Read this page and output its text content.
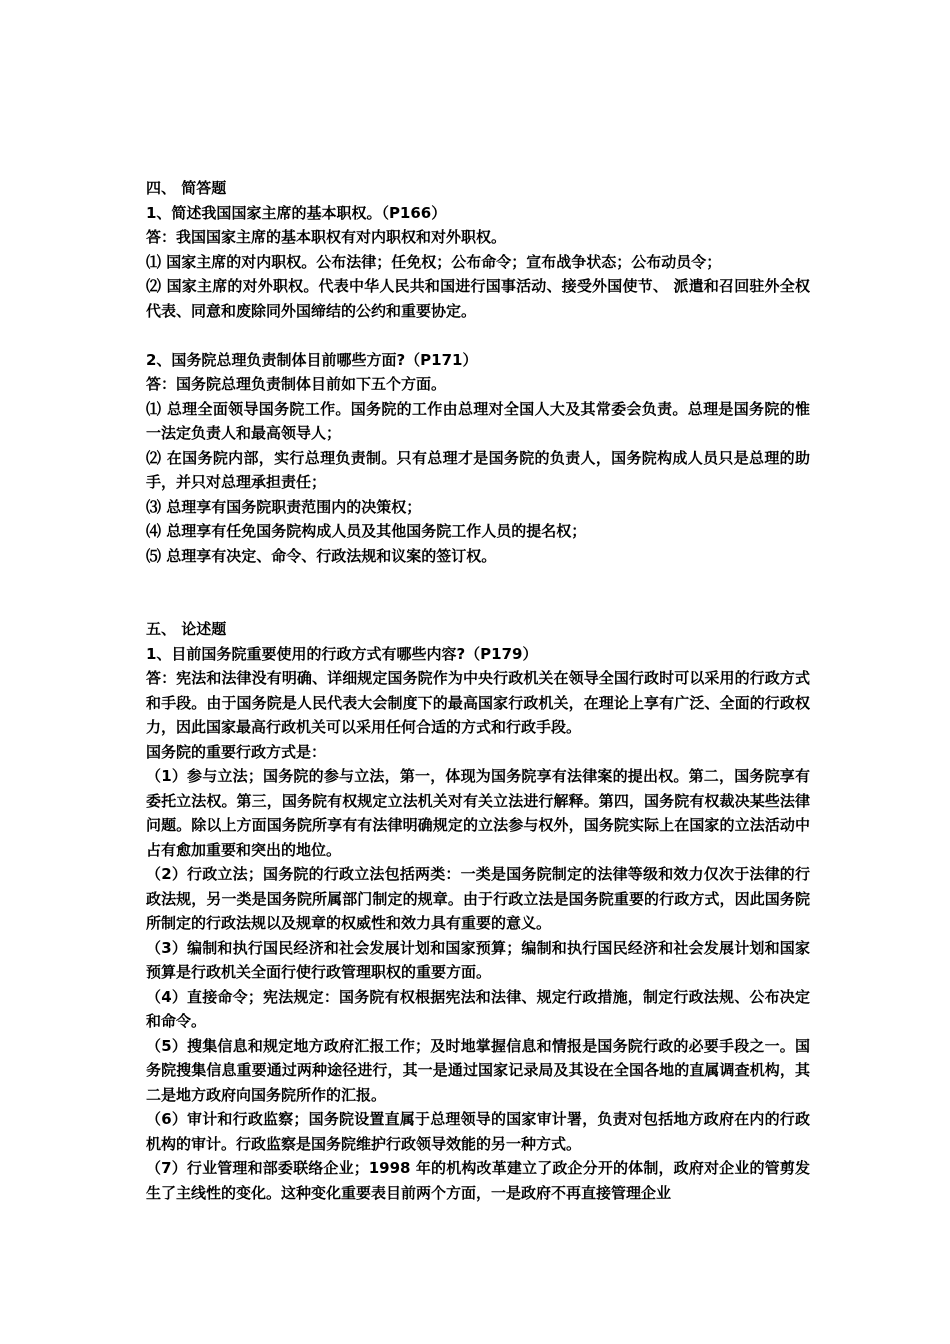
四、 简答题

1、简述我国国家主席的基本职权。（P166）

答：我国国家主席的基本职权有对内职权和对外职权。

⑴ 国家主席的对内职权。公布法律；任免权；公布命令；宣布战争状态；公布动员令；

⑵ 国家主席的对外职权。代表中华人民共和国进行国事活动、接受外国使节、 派遣和召回驻外全权代表、同意和废除同外国缔结的公约和重要协定。

2、国务院总理负责制体目前哪些方面?（P171）

答：国务院总理负责制体目前如下五个方面。

⑴ 总理全面领导国务院工作。国务院的工作由总理对全国人大及其常委会负责。总理是国务院的惟一法定负责人和最高领导人；

⑵ 在国务院内部，实行总理负责制。只有总理才是国务院的负责人，国务院构成人员只是总理的助手，并只对总理承担责任；

⑶ 总理享有国务院职责范围内的决策权；

⑷ 总理享有任免国务院构成人员及其他国务院工作人员的提名权；

⑸ 总理享有决定、命令、行政法规和议案的签订权。

五、 论述题

1、目前国务院重要使用的行政方式有哪些内容?（P179）

答：宪法和法律没有明确、详细规定国务院作为中央行政机关在领导全国行政时可以采用的行政方式和手段。由于国务院是人民代表大会制度下的最高国家行政机关，在理论上享有广泛、全面的行政权力，因此国家最高行政机关可以采用任何合适的方式和行政手段。

国务院的重要行政方式是：

（1）参与立法；国务院的参与立法，第一，体现为国务院享有法律案的提出权。第二，国务院享有委托立法权。第三，国务院有权规定立法机关对有关立法进行解释。第四，国务院有权裁决某些法律问题。除以上方面国务院所享有有法律明确规定的立法参与权外，国务院实际上在国家的立法活动中占有愈加重要和突出的地位。

（2）行政立法；国务院的行政立法包括两类：一类是国务院制定的法律等级和效力仅次于法律的行政法规，另一类是国务院所属部门制定的规章。由于行政立法是国务院重要的行政方式，因此国务院所制定的行政法规以及规章的权威性和效力具有重要的意义。

（3）编制和执行国民经济和社会发展计划和国家预算；编制和执行国民经济和社会发展计划和国家预算是行政机关全面行使行政管理职权的重要方面。

（4）直接命令；宪法规定：国务院有权根据宪法和法律、规定行政措施，制定行政法规、公布决定和命令。

（5）搜集信息和规定地方政府汇报工作；及时地掌握信息和情报是国务院行政的必要手段之一。国务院搜集信息重要通过两种途径进行，其一是通过国家记录局及其设在全国各地的直属调查机构，其二是地方政府向国务院所作的汇报。

（6）审计和行政监察；国务院设置直属于总理领导的国家审计署，负责对包括地方政府在内的行政机构的审计。行政监察是国务院维护行政领导效能的另一种方式。

（7）行业管理和部委联络企业；1998 年的机构改革建立了政企分开的体制，政府对企业的管剪发生了主线性的变化。这种变化重要表目前两个方面，一是政府不再直接管理企业
